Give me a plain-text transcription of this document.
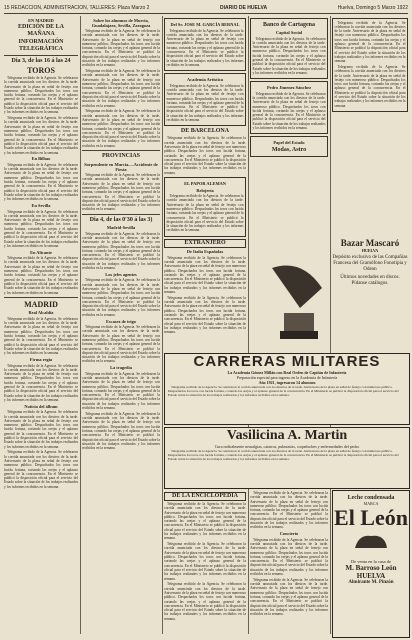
15 REDACCION, ADMINISTRACION, TALLERES: Plaza Marzo 2	DIARIO DE HUELVA	Huelva, Domingo 5 Marzo 1922
EN MADRID
EDICIÓN DE LA MAÑANA
INFORMACIÓN TELEGRÁFICA
Dia 3, de las 16 á las 24
TOROS
Telegrama recibido de la Agencia. Se celebraron la corrida anunciada con los diestros de la tarde. Aniversario de la plaza en señal de festejo con numeroso público. Despachados los toros con lucida fortuna, cortando las orejas y el aplauso general de la concurrencia. En el Ministerio se publicó la disposición oficial para el servicio del Estado sobre la situación de los trabajos realizados y los informes recibidos en la semana.
Telegrama recibido de la Agencia. Se celebraron la corrida anunciada con los diestros de la tarde. Aniversario de la plaza en señal de festejo con numeroso público. Despachados los toros con lucida fortuna, cortando las orejas y el aplauso general de la concurrencia. En el Ministerio se publicó la disposición oficial para el servicio del Estado sobre la situación de los trabajos realizados y los informes recibidos en la semana.
En Bilbao
Telegrama recibido de la Agencia. Se celebraron la corrida anunciada con los diestros de la tarde. Aniversario de la plaza en señal de festejo con numeroso público. Despachados los toros con lucida fortuna, cortando las orejas y el aplauso general de la concurrencia. En el Ministerio se publicó la disposición oficial para el servicio del Estado sobre la situación de los trabajos realizados y los informes recibidos en la semana.
En Sevilla
Telegrama recibido de la Agencia. Se celebraron la corrida anunciada con los diestros de la tarde. Aniversario de la plaza en señal de festejo con numeroso público. Despachados los toros con lucida fortuna, cortando las orejas y el aplauso general de la concurrencia. En el Ministerio se publicó la disposición oficial para el servicio del Estado sobre la situación de los trabajos realizados y los informes recibidos en la semana.
En Alicante
Telegrama recibido de la Agencia. Se celebraron la corrida anunciada con los diestros de la tarde. Aniversario de la plaza en señal de festejo con numeroso público. Despachados los toros con lucida fortuna, cortando las orejas y el aplauso general de la concurrencia. En el Ministerio se publicó la disposición oficial para el servicio del Estado sobre la situación de los trabajos realizados y los informes recibidos en la semana.
MADRID
Real Alcaldía
Telegrama recibido de la Agencia. Se celebraron la corrida anunciada con los diestros de la tarde. Aniversario de la plaza en señal de festejo con numeroso público. Despachados los toros con lucida fortuna, cortando las orejas y el aplauso general de la concurrencia. En el Ministerio se publicó la disposición oficial para el servicio del Estado sobre la situación de los trabajos realizados y los informes recibidos en la semana.
Firma regia
Telegrama recibido de la Agencia. Se celebraron la corrida anunciada con los diestros de la tarde. Aniversario de la plaza en señal de festejo con numeroso público. Despachados los toros con lucida fortuna, cortando las orejas y el aplauso general de la concurrencia. En el Ministerio se publicó la disposición oficial para el servicio del Estado sobre la situación de los trabajos realizados y los informes recibidos en la semana.
Noticia del álbum
Telegrama recibido de la Agencia. Se celebraron la corrida anunciada con los diestros de la tarde. Aniversario de la plaza en señal de festejo con numeroso público. Despachados los toros con lucida fortuna, cortando las orejas y el aplauso general de la concurrencia. En el Ministerio se publicó la disposición oficial para el servicio del Estado sobre la situación de los trabajos realizados y los informes recibidos en la semana.
Telegrama recibido de la Agencia. Se celebraron la corrida anunciada con los diestros de la tarde. Aniversario de la plaza en señal de festejo con numeroso público. Despachados los toros con lucida fortuna, cortando las orejas y el aplauso general de la concurrencia. En el Ministerio se publicó la disposición oficial para el servicio del Estado sobre la situación de los trabajos realizados y los informes recibidos en la semana.
Sobre los alumnos de Murcia, Guadalajara, Sevilla, Zaragoza
Telegrama recibido de la Agencia. Se celebraron la corrida anunciada con los diestros de la tarde. Aniversario de la plaza en señal de festejo con numeroso público. Despachados los toros con lucida fortuna, cortando las orejas y el aplauso general de la concurrencia. En el Ministerio se publicó la disposición oficial para el servicio del Estado sobre la situación de los trabajos realizados y los informes recibidos en la semana.
Telegrama recibido de la Agencia. Se celebraron la corrida anunciada con los diestros de la tarde. Aniversario de la plaza en señal de festejo con numeroso público. Despachados los toros con lucida fortuna, cortando las orejas y el aplauso general de la concurrencia. En el Ministerio se publicó la disposición oficial para el servicio del Estado sobre la situación de los trabajos realizados y los informes recibidos en la semana.
Telegrama recibido de la Agencia. Se celebraron la corrida anunciada con los diestros de la tarde. Aniversario de la plaza en señal de festejo con numeroso público. Despachados los toros con lucida fortuna, cortando las orejas y el aplauso general de la concurrencia. En el Ministerio se publicó la disposición oficial para el servicio del Estado sobre la situación de los trabajos realizados y los informes recibidos en la semana.
PROVINCIAS
Sorpendente en Murcia.—Accidente de Fiesta
Telegrama recibido de la Agencia. Se celebraron la corrida anunciada con los diestros de la tarde. Aniversario de la plaza en señal de festejo con numeroso público. Despachados los toros con lucida fortuna, cortando las orejas y el aplauso general de la concurrencia. En el Ministerio se publicó la disposición oficial para el servicio del Estado sobre la situación de los trabajos realizados y los informes recibidos en la semana.
Dia 4, de las 0'30 á las 3)
Madrid-Sevilla
Telegrama recibido de la Agencia. Se celebraron la corrida anunciada con los diestros de la tarde. Aniversario de la plaza en señal de festejo con numeroso público. Despachados los toros con lucida fortuna, cortando las orejas y el aplauso general de la concurrencia. En el Ministerio se publicó la disposición oficial para el servicio del Estado sobre la situación de los trabajos realizados y los informes recibidos en la semana.
Los jefes agentes
Telegrama recibido de la Agencia. Se celebraron la corrida anunciada con los diestros de la tarde. Aniversario de la plaza en señal de festejo con numeroso público. Despachados los toros con lucida fortuna, cortando las orejas y el aplauso general de la concurrencia. En el Ministerio se publicó la disposición oficial para el servicio del Estado sobre la situación de los trabajos realizados y los informes recibidos en la semana.
Escasez de trigo
Telegrama recibido de la Agencia. Se celebraron la corrida anunciada con los diestros de la tarde. Aniversario de la plaza en señal de festejo con numeroso público. Despachados los toros con lucida fortuna, cortando las orejas y el aplauso general de la concurrencia. En el Ministerio se publicó la disposición oficial para el servicio del Estado sobre la situación de los trabajos realizados y los informes recibidos en la semana.
La tragedia
Telegrama recibido de la Agencia. Se celebraron la corrida anunciada con los diestros de la tarde. Aniversario de la plaza en señal de festejo con numeroso público. Despachados los toros con lucida fortuna, cortando las orejas y el aplauso general de la concurrencia. En el Ministerio se publicó la disposición oficial para el servicio del Estado sobre la situación de los trabajos realizados y los informes recibidos en la semana.
Telegrama recibido de la Agencia. Se celebraron la corrida anunciada con los diestros de la tarde. Aniversario de la plaza en señal de festejo con numeroso público. Despachados los toros con lucida fortuna, cortando las orejas y el aplauso general de la concurrencia. En el Ministerio se publicó la disposición oficial para el servicio del Estado sobre la situación de los trabajos realizados y los informes recibidos en la semana.
Del Sr. JOSE M. GARCÍA BERNAL
Telegrama recibido de la Agencia. Se celebraron la corrida anunciada con los diestros de la tarde. Aniversario de la plaza en señal de festejo con numeroso público. Despachados los toros con lucida fortuna, cortando las orejas y el aplauso general de la concurrencia. En el Ministerio se publicó la disposición oficial para el servicio del Estado sobre la situación de los trabajos realizados y los informes recibidos en la semana.
Academia Artística
Telegrama recibido de la Agencia. Se celebraron la corrida anunciada con los diestros de la tarde. Aniversario de la plaza en señal de festejo con numeroso público. Despachados los toros con lucida fortuna, cortando las orejas y el aplauso general de la concurrencia. En el Ministerio se publicó la disposición oficial para el servicio del Estado sobre la situación de los trabajos realizados y los informes recibidos en la semana.
DE BARCELONA
Telegrama recibido de la Agencia. Se celebraron la corrida anunciada con los diestros de la tarde. Aniversario de la plaza en señal de festejo con numeroso público. Despachados los toros con lucida fortuna, cortando las orejas y el aplauso general de la concurrencia. En el Ministerio se publicó la disposición oficial para el servicio del Estado sobre la situación de los trabajos realizados y los informes recibidos en la semana.
EL PAPOR ALEMAN
Relojería
Telegrama recibido de la Agencia. Se celebraron la corrida anunciada con los diestros de la tarde. Aniversario de la plaza en señal de festejo con numeroso público. Despachados los toros con lucida fortuna, cortando las orejas y el aplauso general de la concurrencia. En el Ministerio se publicó la disposición oficial para el servicio del Estado sobre la situación de los trabajos realizados y los informes recibidos en la semana.
EXTRANJERO
De Italia Españolas
Telegrama recibido de la Agencia. Se celebraron la corrida anunciada con los diestros de la tarde. Aniversario de la plaza en señal de festejo con numeroso público. Despachados los toros con lucida fortuna, cortando las orejas y el aplauso general de la concurrencia. En el Ministerio se publicó la disposición oficial para el servicio del Estado sobre la situación de los trabajos realizados y los informes recibidos en la semana.
Telegrama recibido de la Agencia. Se celebraron la corrida anunciada con los diestros de la tarde. Aniversario de la plaza en señal de festejo con numeroso público. Despachados los toros con lucida fortuna, cortando las orejas y el aplauso general de la concurrencia. En el Ministerio se publicó la disposición oficial para el servicio del Estado sobre la situación de los trabajos realizados y los informes recibidos en la semana.
Banco de Cartagena
Capital Social
Telegrama recibido de la Agencia. Se celebraron la corrida anunciada con los diestros de la tarde. Aniversario de la plaza en señal de festejo con numeroso público. Despachados los toros con lucida fortuna, cortando las orejas y el aplauso general de la concurrencia. En el Ministerio se publicó la disposición oficial para el servicio del Estado sobre la situación de los trabajos realizados y los informes recibidos en la semana.
Pedro Jimenez Sánchez
Telegrama recibido de la Agencia. Se celebraron la corrida anunciada con los diestros de la tarde. Aniversario de la plaza en señal de festejo con numeroso público. Despachados los toros con lucida fortuna, cortando las orejas y el aplauso general de la concurrencia. En el Ministerio se publicó la disposición oficial para el servicio del Estado sobre la situación de los trabajos realizados y los informes recibidos en la semana.
Papel del Estado
Modas, Astro
Telegrama recibido de la Agencia. Se celebraron la corrida anunciada con los diestros de la tarde. Aniversario de la plaza en señal de festejo con numeroso público. Despachados los toros con lucida fortuna, cortando las orejas y el aplauso general de la concurrencia. En el Ministerio se publicó la disposición oficial para el servicio del Estado sobre la situación de los trabajos realizados y los informes recibidos en la semana.
Telegrama recibido de la Agencia. Se celebraron la corrida anunciada con los diestros de la tarde. Aniversario de la plaza en señal de festejo con numeroso público. Despachados los toros con lucida fortuna, cortando las orejas y el aplauso general de la concurrencia. En el Ministerio se publicó la disposición oficial para el servicio del Estado sobre la situación de los trabajos realizados y los informes recibidos en la semana.
Bazar Mascaró
HUELVA
Depósito exclusivo de las Compañías Francesa del Gramófono Fonotipia y Odeon
Últimos novedades en discos. Pídanse catálogos.
CARRERAS MILITARES
La Academia Gómez Millán con Real Orden de Capitán de Infantería
Preparación especial para ingreso en la Academia de Infantería
Año 1921, ingresaron 14 alumnos
Telegrama recibido de la Agencia. Se celebraron la corrida anunciada con los diestros de la tarde. Aniversario de la plaza en señal de festejo con numeroso público. Despachados los toros con lucida fortuna, cortando las orejas y el aplauso general de la concurrencia. En el Ministerio se publicó la disposición oficial para el servicio del Estado sobre la situación de los trabajos realizados y los informes recibidos en la semana.
Vasilicina A. Martin
Cura radicalmente neuralgias, catarros, pulmonías, coqueluches y enfermedades del pecho
Telegrama recibido de la Agencia. Se celebraron la corrida anunciada con los diestros de la tarde. Aniversario de la plaza en señal de festejo con numeroso público. Despachados los toros con lucida fortuna, cortando las orejas y el aplauso general de la concurrencia. En el Ministerio se publicó la disposición oficial para el servicio del Estado sobre la situación de los trabajos realizados y los informes recibidos en la semana.
DE LA ENCICLOPEDIA
Telegrama recibido de la Agencia. Se celebraron la corrida anunciada con los diestros de la tarde. Aniversario de la plaza en señal de festejo con numeroso público. Despachados los toros con lucida fortuna, cortando las orejas y el aplauso general de la concurrencia. En el Ministerio se publicó la disposición oficial para el servicio del Estado sobre la situación de los trabajos realizados y los informes recibidos en la semana.
Telegrama recibido de la Agencia. Se celebraron la corrida anunciada con los diestros de la tarde. Aniversario de la plaza en señal de festejo con numeroso público. Despachados los toros con lucida fortuna, cortando las orejas y el aplauso general de la concurrencia. En el Ministerio se publicó la disposición oficial para el servicio del Estado sobre la situación de los trabajos realizados y los informes recibidos en la semana.
Telegrama recibido de la Agencia. Se celebraron la corrida anunciada con los diestros de la tarde. Aniversario de la plaza en señal de festejo con numeroso público. Despachados los toros con lucida fortuna, cortando las orejas y el aplauso general de la concurrencia. En el Ministerio se publicó la disposición oficial para el servicio del Estado sobre la situación de los trabajos realizados y los informes recibidos en la semana.
Telegrama recibido de la Agencia. Se celebraron la corrida anunciada con los diestros de la tarde. Aniversario de la plaza en señal de festejo con numeroso público. Despachados los toros con lucida fortuna, cortando las orejas y el aplauso general de la concurrencia. En el Ministerio se publicó la disposición oficial para el servicio del Estado sobre la situación de los trabajos realizados y los informes recibidos en la semana.
Concierto
Telegrama recibido de la Agencia. Se celebraron la corrida anunciada con los diestros de la tarde. Aniversario de la plaza en señal de festejo con numeroso público. Despachados los toros con lucida fortuna, cortando las orejas y el aplauso general de la concurrencia. En el Ministerio se publicó la disposición oficial para el servicio del Estado sobre la situación de los trabajos realizados y los informes recibidos en la semana.
Telegrama recibido de la Agencia. Se celebraron la corrida anunciada con los diestros de la tarde. Aniversario de la plaza en señal de festejo con numeroso público. Despachados los toros con lucida fortuna, cortando las orejas y el aplauso general de la concurrencia. En el Ministerio se publicó la disposición oficial para el servicio del Estado sobre la situación de los trabajos realizados y los informes recibidos en la semana.
Leche condensada
MARCA
El León
De venta en la casa de
M. Barroso León
HUELVA
Almirante M. Pinzón
